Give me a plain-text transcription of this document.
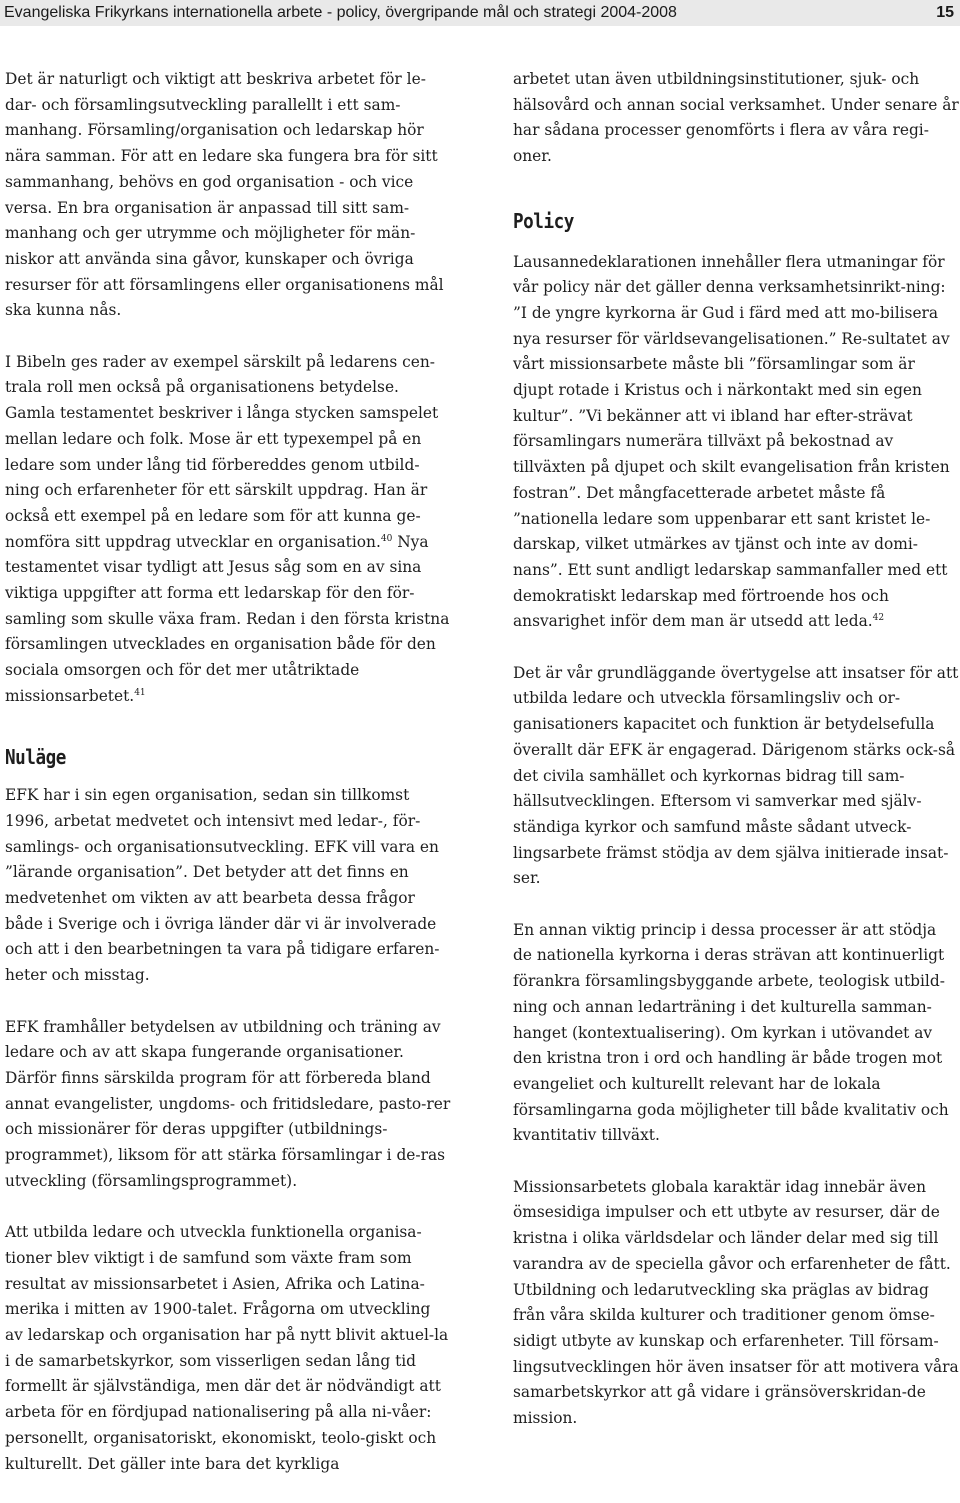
Evangeliska Frikyrkans internationella arbete - policy, övergripande mål och strategi 2004-2008	15

Det är naturligt och viktigt att beskriva arbetet för le-dar- och församlingsutveckling parallellt i ett sam-manhang. Församling/organisation och ledarskap hör nära samman. För att en ledare ska fungera bra för sitt sammanhang, behövs en god organisation - och vice versa. En bra organisation är anpassad till sitt sam-manhang och ger utrymme och möjligheter för män-niskor att använda sina gåvor, kunskaper och övriga resurser för att församlingens eller organisationens mål ska kunna nås.

I Bibeln ges rader av exempel särskilt på ledarens cen-trala roll men också på organisationens betydelse. Gamla testamentet beskriver i långa stycken samspelet mellan ledare och folk. Mose är ett typexempel på en ledare som under lång tid förbereddes genom utbild-ning och erfarenheter för ett särskilt uppdrag. Han är också ett exempel på en ledare som för att kunna ge-nomföra sitt uppdrag utvecklar en organisation.$^{40}$ Nya testamentet visar tydligt att Jesus såg som en av sina viktiga uppgifter att forma ett ledarskap för den för-samling som skulle växa fram. Redan i den första kristna församlingen utvecklades en organisation både för den sociala omsorgen och för det mer utåtriktade missionsarbetet.$^{41}$

Nuläge

EFK har i sin egen organisation, sedan sin tillkomst 1996, arbetat medvetet och intensivt med ledar-, för-samlings- och organisationsutveckling. EFK vill vara en ”lärande organisation”. Det betyder att det finns en medvetenhet om vikten av att bearbeta dessa frågor både i Sverige och i övriga länder där vi är involverade och att i den bearbetningen ta vara på tidigare erfaren-heter och misstag.

EFK framhåller betydelsen av utbildning och träning av ledare och av att skapa fungerande organisationer. Därför finns särskilda program för att förbereda bland annat evangelister, ungdoms- och fritidsledare, pasto-rer och missionärer för deras uppgifter (utbildnings-programmet), liksom för att stärka församlingar i de-ras utveckling (församlingsprogrammet).

Att utbilda ledare och utveckla funktionella organisa-tioner blev viktigt i de samfund som växte fram som resultat av missionsarbetet i Asien, Afrika och Latina-merika i mitten av 1900-talet. Frågorna om utveckling av ledarskap och organisation har på nytt blivit aktuel-la i de samarbetskyrkor, som visserligen sedan lång tid formellt är självständiga, men där det är nödvändigt att arbeta för en fördjupad nationalisering på alla ni-våer: personellt, organisatoriskt, ekonomiskt, teolo-giskt och kulturellt. Det gäller inte bara det kyrkliga

arbetet utan även utbildningsinstitutioner, sjuk- och hälsovård och annan social verksamhet. Under senare år har sådana processer genomförts i flera av våra regi-oner.

Policy

Lausannedeklarationen innehåller flera utmaningar för vår policy när det gäller denna verksamhetsinrikt-ning: ”I de yngre kyrkorna är Gud i färd med att mo-bilisera nya resurser för världsevangelisationen.” Re-sultatet av vårt missionsarbete måste bli ”församlingar som är djupt rotade i Kristus och i närkontakt med sin egen kultur”. ”Vi bekänner att vi ibland har efter-strävat församlingars numerära tillväxt på bekostnad av tillväxten på djupet och skilt evangelisation från kristen fostran”. Det mångfacetterade arbetet måste få ”nationella ledare som uppenbarar ett sant kristet le-darskap, vilket utmärkes av tjänst och inte av domi-nans”. Ett sunt andligt ledarskap sammanfaller med ett demokratiskt ledarskap med förtroende hos och ansvarighet inför dem man är utsedd att leda.$^{42}$

Det är vår grundläggande övertygelse att insatser för att utbilda ledare och utveckla församlingsliv och or-ganisationers kapacitet och funktion är betydelsefulla överallt där EFK är engagerad. Därigenom stärks ock-så det civila samhället och kyrkornas bidrag till sam-hällsutvecklingen. Eftersom vi samverkar med själv-ständiga kyrkor och samfund måste sådant utveck-lingsarbete främst stödja av dem själva initierade insat-ser.

En annan viktig princip i dessa processer är att stödja de nationella kyrkorna i deras strävan att kontinuerligt förankra församlingsbyggande arbete, teologisk utbild-ning och annan ledarträning i det kulturella samman-hanget (kontextualisering). Om kyrkan i utövandet av den kristna tron i ord och handling är både trogen mot evangeliet och kulturellt relevant har de lokala församlingarna goda möjligheter till både kvalitativ och kvantitativ tillväxt.

Missionsarbetets globala karaktär idag innebär även ömsesidiga impulser och ett utbyte av resurser, där de kristna i olika världsdelar och länder delar med sig till varandra av de speciella gåvor och erfarenheter de fått. Utbildning och ledarutveckling ska präglas av bidrag från våra skilda kulturer och traditioner genom ömse-sidigt utbyte av kunskap och erfarenheter. Till försam-lingsutvecklingen hör även insatser för att motivera våra samarbetskyrkor att gå vidare i gränsöverskridan-de mission.
